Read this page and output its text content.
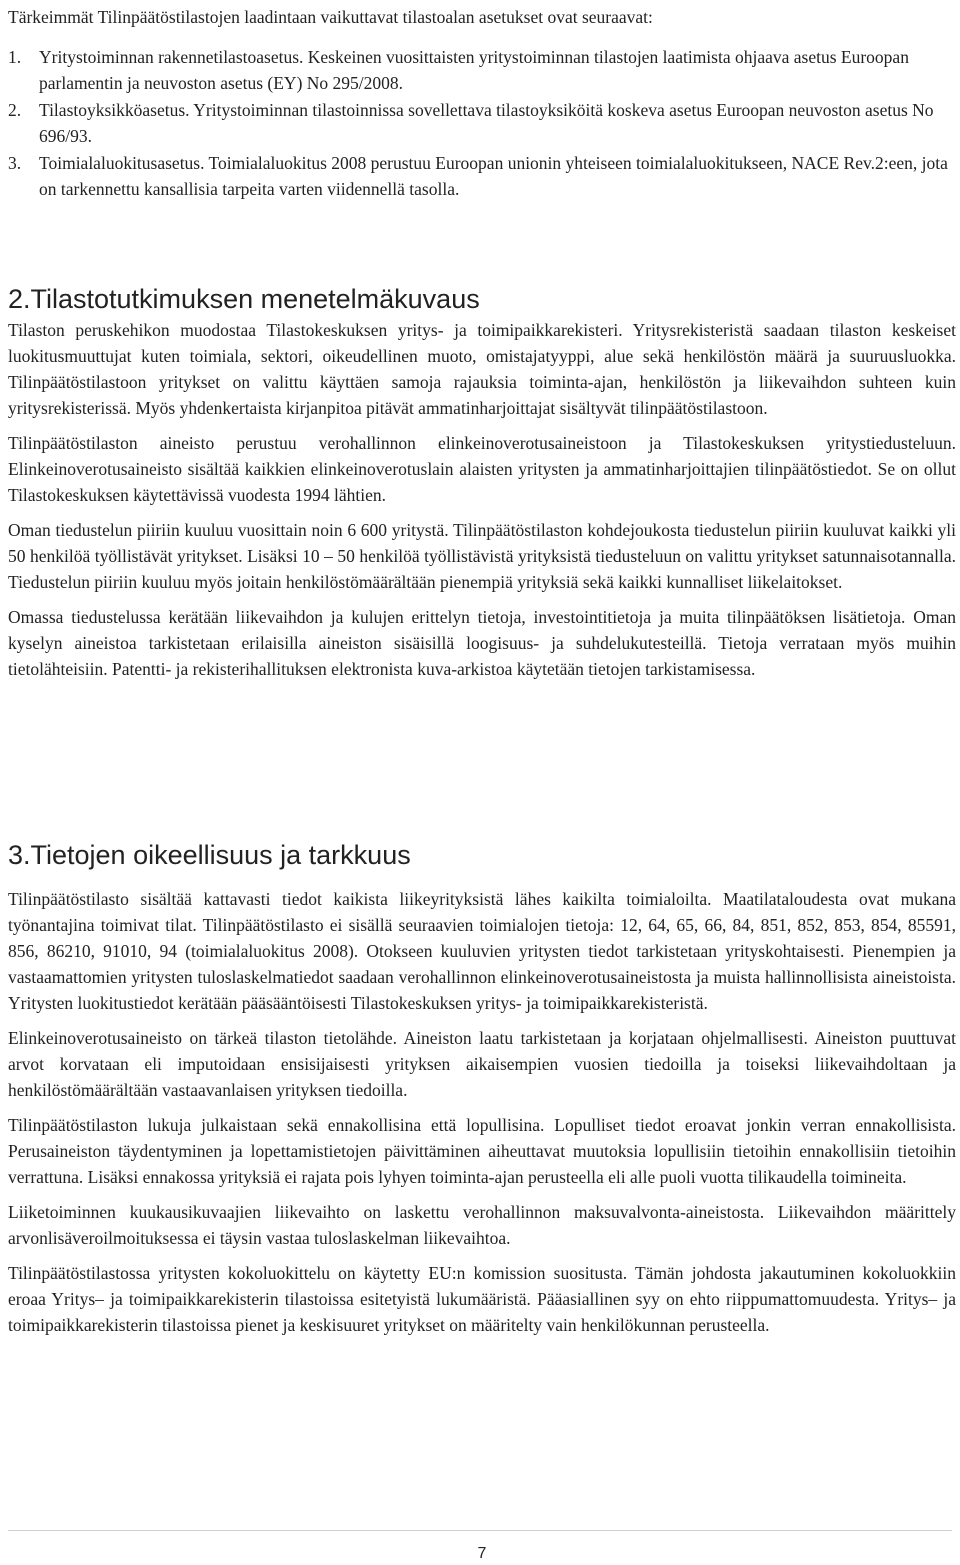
Tärkeimmät Tilinpäätöstilastojen laadintaan vaikuttavat tilastoalan asetukset ovat seuraavat:

1. Yritystoiminnan rakennetilastoasetus. Keskeinen vuosittaisten yritystoiminnan tilastojen laatimista ohjaava asetus Euroopan parlamentin ja neuvoston asetus (EY) No 295/2008.
2. Tilastoyksikköasetus. Yritystoiminnan tilastoinnissa sovellettava tilastoyksiköitä koskeva asetus Euroopan neuvoston asetus No 696/93.
3. Toimialaluokitusasetus. Toimialaluokitus 2008 perustuu Euroopan unionin yhteiseen toimialaluokitukseen, NACE Rev.2:een, jota on tarkennettu kansallisia tarpeita varten viidennellä tasolla.
2.Tilastotutkimuksen menetelmäkuvaus

Tilaston peruskehikon muodostaa Tilastokeskuksen yritys- ja toimipaikkarekisteri. Yritysrekisteristä saadaan tilaston keskeiset luokitusmuuttujat kuten toimiala, sektori, oikeudellinen muoto, omistajatyyppi, alue sekä henkilöstön määrä ja suuruusluokka. Tilinpäätöstilastoon yritykset on valittu käyttäen samoja rajauksia toiminta-ajan, henkilöstön ja liikevaihdon suhteen kuin yritysrekisterissä. Myös yhdenkertaista kirjanpitoa pitävät ammatinharjoittajat sisältyvät tilinpäätöstilastoon.

Tilinpäätöstilaston aineisto perustuu verohallinnon elinkeinoverotusaineistoon ja Tilastokeskuksen yritystiedusteluun. Elinkeinoverotusaineisto sisältää kaikkien elinkeinoverotuslain alaisten yritysten ja ammatinharjoittajien tilinpäätöstiedot. Se on ollut Tilastokeskuksen käytettävissä vuodesta 1994 lähtien.

Oman tiedustelun piiriin kuuluu vuosittain noin 6 600 yritystä. Tilinpäätöstilaston kohdejoukosta tiedustelun piiriin kuuluvat kaikki yli 50 henkilöä työllistävät yritykset. Lisäksi 10 – 50 henkilöä työllistävistä yrityksistä tiedusteluun on valittu yritykset satunnaisotannalla. Tiedustelun piiriin kuuluu myös joitain henkilöstömäärältään pienempiä yrityksiä sekä kaikki kunnalliset liikelaitokset.

Omassa tiedustelussa kerätään liikevaihdon ja kulujen erittelyn tietoja, investointitietoja ja muita tilinpäätöksen lisätietoja. Oman kyselyn aineistoa tarkistetaan erilaisilla aineiston sisäisillä loogisuus- ja suhdelukutesteillä. Tietoja verrataan myös muihin tietolähteisiin. Patentti- ja rekisterihallituksen elektronista kuva-arkistoa käytetään tietojen tarkistamisessa.

3.Tietojen oikeellisuus ja tarkkuus

Tilinpäätöstilasto sisältää kattavasti tiedot kaikista liikeyrityksistä lähes kaikilta toimialoilta. Maatilataloudesta ovat mukana työnantajina toimivat tilat. Tilinpäätöstilasto ei sisällä seuraavien toimialojen tietoja: 12, 64, 65, 66, 84, 851, 852, 853, 854, 85591, 856, 86210, 91010, 94 (toimialaluokitus 2008). Otokseen kuuluvien yritysten tiedot tarkistetaan yrityskohtaisesti. Pienempien ja vastaamattomien yritysten tuloslaskelmatiedot saadaan verohallinnon elinkeinoverotusaineistosta ja muista hallinnollisista aineistoista. Yritysten luokitustiedot kerätään pääsääntöisesti Tilastokeskuksen yritys- ja toimipaikkarekisteristä.

Elinkeinoverotusaineisto on tärkeä tilaston tietolähde. Aineiston laatu tarkistetaan ja korjataan ohjelmallisesti. Aineiston puuttuvat arvot korvataan eli imputoidaan ensisijaisesti yrityksen aikaisempien vuosien tiedoilla ja toiseksi liikevaihdoltaan ja henkilöstömäärältään vastaavanlaisen yrityksen tiedoilla.

Tilinpäätöstilaston lukuja julkaistaan sekä ennakollisina että lopullisina. Lopulliset tiedot eroavat jonkin verran ennakollisista. Perusaineiston täydentyminen ja lopettamistietojen päivittäminen aiheuttavat muutoksia lopullisiin tietoihin ennakollisiin tietoihin verrattuna. Lisäksi ennakossa yrityksiä ei rajata pois lyhyen toiminta-ajan perusteella eli alle puoli vuotta tilikaudella toimineita.

Liiketoiminnen kuukausikuvaajien liikevaihto on laskettu verohallinnon maksuvalvonta-aineistosta. Liikevaihdon määrittely arvonlisäveroilmoituksessa ei täysin vastaa tuloslaskelman liikevaihtoa.

Tilinpäätöstilastossa yritysten kokoluokittelu on käytetty EU:n komission suositusta. Tämän johdosta jakautuminen kokoluokkiin eroaa Yritys– ja toimipaikkarekisterin tilastoissa esitetyistä lukumääristä. Pääasiallinen syy on ehto riippumattomuudesta. Yritys– ja toimipaikkarekisterin tilastoissa pienet ja keskisuuret yritykset on määritelty vain henkilökunnan perusteella.

7
